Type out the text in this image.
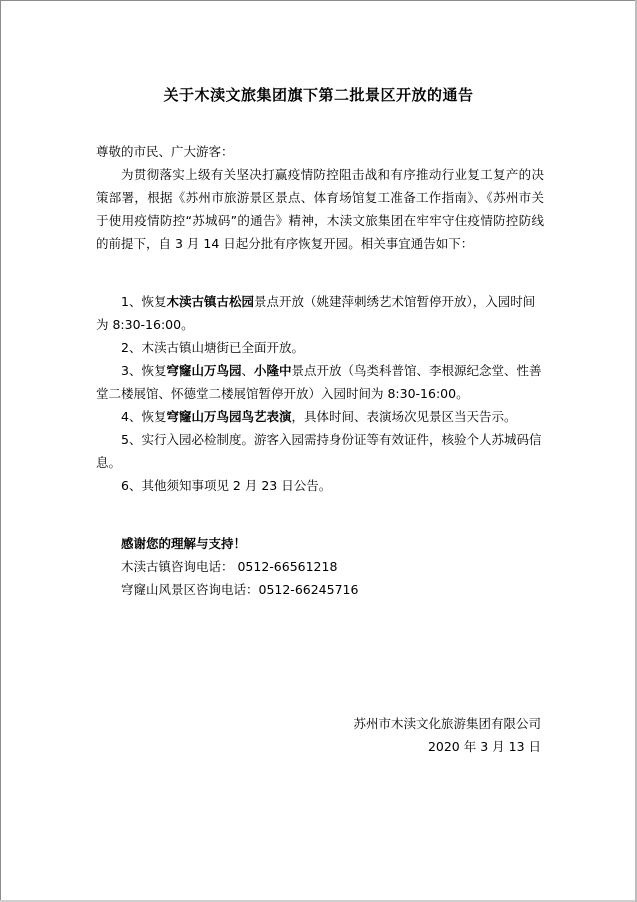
关于木渎文旅集团旗下第二批景区开放的通告

尊敬的市民、广大游客：

为贯彻落实上级有关坚决打赢疫情防控阻击战和有序推动行业复工复产的决策部署，根据《苏州市旅游景区景点、体育场馆复工准备工作指南》、《苏州市关于使用疫情防控“苏城码”的通告》精神，木渎文旅集团在牢牢守住疫情防控防线的前提下，自 3 月 14 日起分批有序恢复开园。相关事宜通告如下：

1、恢复木渎古镇古松园景点开放（姚建萍刺绣艺术馆暂停开放），入园时间为 8:30-16:00。

2、木渎古镇山塘街已全面开放。

3、恢复穹窿山万鸟园、小隆中景点开放（鸟类科普馆、李根源纪念堂、性善堂二楼展馆、怀德堂二楼展馆暂停开放）入园时间为 8:30-16:00。

4、恢复穹窿山万鸟园鸟艺表演，具体时间、表演场次见景区当天告示。

5、实行入园必检制度。游客入园需持身份证等有效证件，核验个人苏城码信息。

6、其他须知事项见 2 月 23 日公告。

感谢您的理解与支持！

木渎古镇咨询电话： 0512-66561218

穹窿山风景区咨询电话：0512-66245716

苏州市木渎文化旅游集团有限公司
2020 年 3 月 13 日
